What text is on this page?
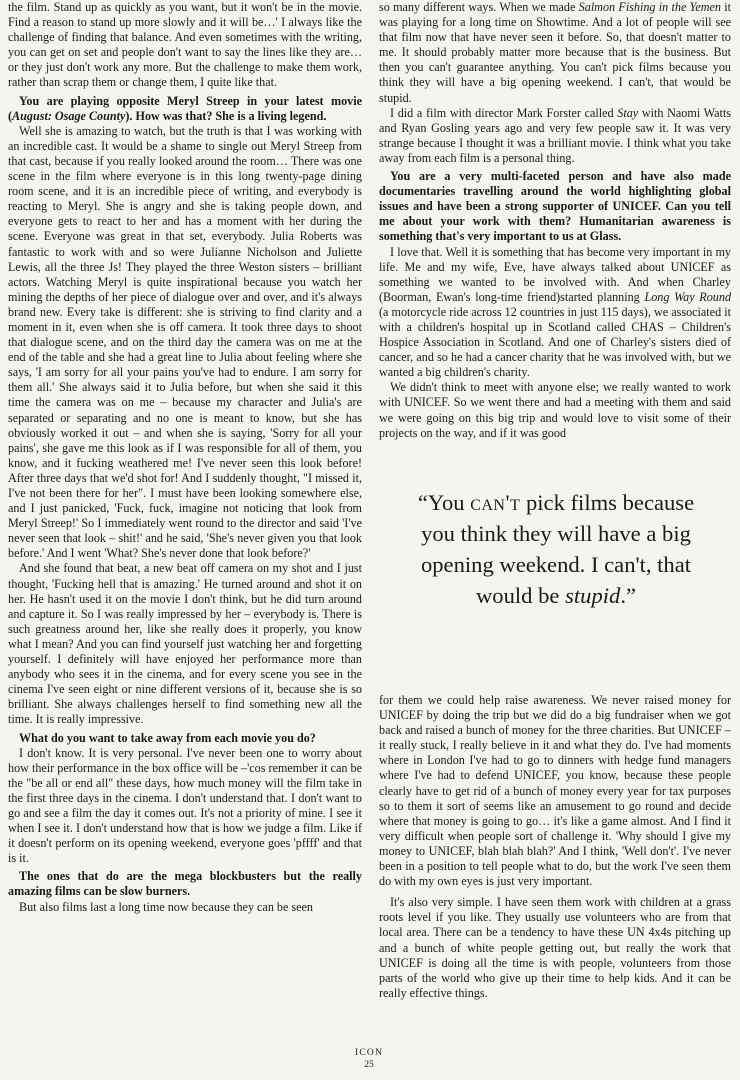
the film. Stand up as quickly as you want, but it won't be in the movie. Find a reason to stand up more slowly and it will be…' I always like the challenge of finding that balance. And even sometimes with the writing, you can get on set and people don't want to say the lines like they are… or they just don't work any more. But the challenge to make them work, rather than scrap them or change them, I quite like that.

You are playing opposite Meryl Streep in your latest movie (August: Osage County). How was that? She is a living legend.

Well she is amazing to watch, but the truth is that I was working with an incredible cast. It would be a shame to single out Meryl Streep from that cast, because if you really looked around the room… There was one scene in the film where everyone is in this long twenty-page dining room scene, and it is an incredible piece of writing, and everybody is reacting to Meryl. She is angry and she is taking people down, and everyone gets to react to her and has a moment with her during the scene. Everyone was great in that set, everybody. Julia Roberts was fantastic to work with and so were Julianne Nicholson and Juliette Lewis, all the three Js! They played the three Weston sisters – brilliant actors. Watching Meryl is quite inspirational because you watch her mining the depths of her piece of dialogue over and over, and it's always brand new. Every take is different: she is striving to find clarity and a moment in it, even when she is off camera. It took three days to shoot that dialogue scene, and on the third day the camera was on me at the end of the table and she had a great line to Julia about feeling where she says, 'I am sorry for all your pains you've had to endure. I am sorry for them all.' She always said it to Julia before, but when she said it this time the camera was on me – because my character and Julia's are separated or separating and no one is meant to know, but she has obviously worked it out – and when she is saying, 'Sorry for all your pains', she gave me this look as if I was responsible for all of them, you know, and it fucking weathered me! I've never seen this look before! After three days that we'd shot for! And I suddenly thought, "I missed it, I've not been there for her". I must have been looking somewhere else, and I just panicked, 'Fuck, fuck, imagine not noticing that look from Meryl Streep!' So I immediately went round to the director and said 'I've never seen that look – shit!' and he said, 'She's never given you that look before.' And I went 'What? She's never done that look before?'

And she found that beat, a new beat off camera on my shot and I just thought, 'Fucking hell that is amazing.' He turned around and shot it on her. He hasn't used it on the movie I don't think, but he did turn around and capture it. So I was really impressed by her – everybody is. There is such greatness around her, like she really does it properly, you know what I mean? And you can find yourself just watching her and forgetting yourself. I definitely will have enjoyed her performance more than anybody who sees it in the cinema, and for every scene you see in the cinema I've seen eight or nine different versions of it, because she is so brilliant. She always challenges herself to find something new all the time. It is really impressive.

What do you want to take away from each movie you do?

I don't know. It is very personal. I've never been one to worry about how their performance in the box office will be –'cos remember it can be the "be all or end all" these days, how much money will the film take in the first three days in the cinema. I don't understand that. I don't want to go and see a film the day it comes out. It's not a priority of mine. I see it when I see it. I don't understand how that is how we judge a film. Like if it doesn't perform on its opening weekend, everyone goes 'pffff' and that is it.

The ones that do are the mega blockbusters but the really amazing films can be slow burners.

But also films last a long time now because they can be seen

so many different ways. When we made Salmon Fishing in the Yemen it was playing for a long time on Showtime. And a lot of people will see that film now that have never seen it before. So, that doesn't matter to me. It should probably matter more because that is the business. But then you can't guarantee anything. You can't pick films because you think they will have a big opening weekend. I can't, that would be stupid.

I did a film with director Mark Forster called Stay with Naomi Watts and Ryan Gosling years ago and very few people saw it. It was very strange because I thought it was a brilliant movie. I think what you take away from each film is a personal thing.

You are a very multi-faceted person and have also made documentaries travelling around the world highlighting global issues and have been a strong supporter of UNICEF. Can you tell me about your work with them? Humanitarian awareness is something that's very important to us at Glass.

I love that. Well it is something that has become very important in my life. Me and my wife, Eve, have always talked about UNICEF as something we wanted to be involved with. And when Charley (Boorman, Ewan's long-time friend)started planning Long Way Round (a motorcycle ride across 12 countries in just 115 days), we associated it with a children's hospital up in Scotland called CHAS – Children's Hospice Association in Scotland. And one of Charley's sisters died of cancer, and so he had a cancer charity that he was involved with, but we wanted a big children's charity.

We didn't think to meet with anyone else; we really wanted to work with UNICEF. So we went there and had a meeting with them and said we were going on this big trip and would love to visit some of their projects on the way, and if it was good

“You can't pick films because you think they will have a big opening weekend. I can't, that would be stupid.”

for them we could help raise awareness. We never raised money for UNICEF by doing the trip but we did do a big fundraiser when we got back and raised a bunch of money for the three charities. But UNICEF – it really stuck, I really believe in it and what they do. I've had moments where in London I've had to go to dinners with hedge fund managers where I've had to defend UNICEF, you know, because these people clearly have to get rid of a bunch of money every year for tax purposes so to them it sort of seems like an amusement to go round and decide where that money is going to go… it's like a game almost. And I find it very difficult when people sort of challenge it. 'Why should I give my money to UNICEF, blah blah blah?' And I think, 'Well don't'. I've never been in a position to tell people what to do, but the work I've seen them do with my own eyes is just very important.

It's also very simple. I have seen them work with children at a grass roots level if you like. They usually use volunteers who are from that local area. There can be a tendency to have these UN 4x4s pitching up and a bunch of white people getting out, but really the work that UNICEF is doing all the time is with people, volunteers from those parts of the world who give up their time to help kids. And it can be really effective things.

ICON
25
